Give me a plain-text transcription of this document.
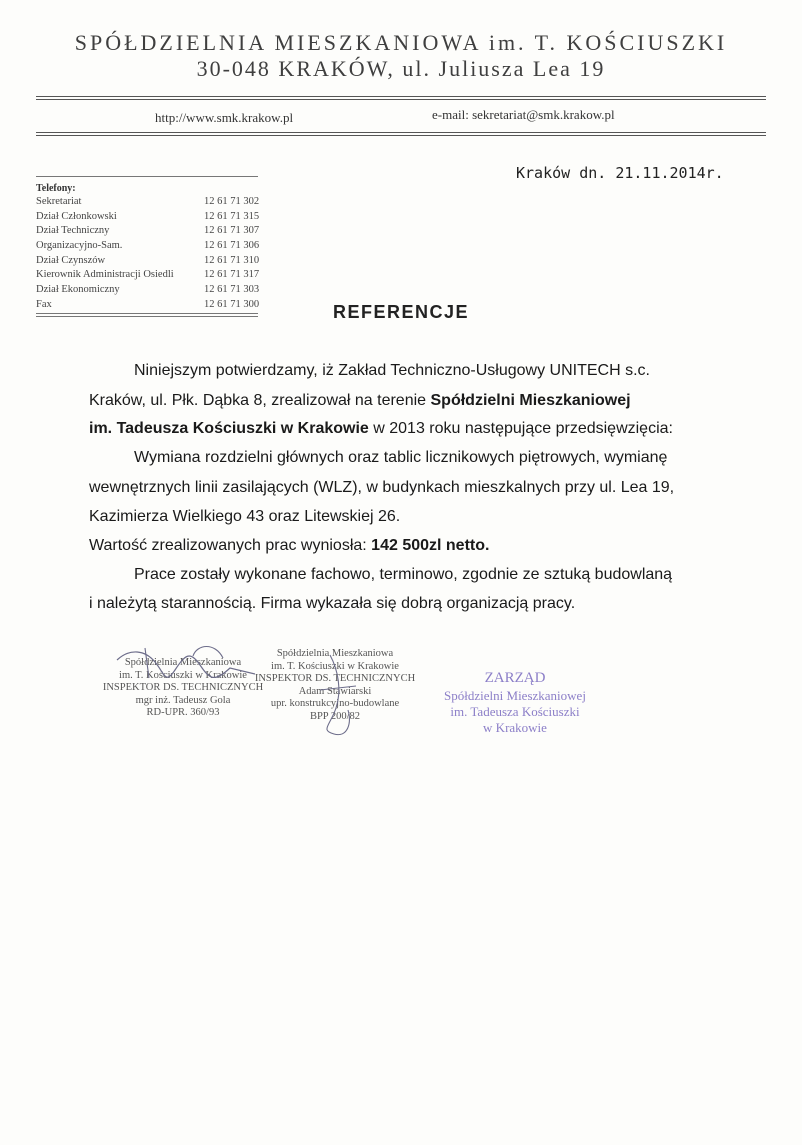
SPÓŁDZIELNIA MIESZKANIOWA im. T. KOŚCIUSZKI
30-048 KRAKÓW, ul. Juliusza Lea 19
http://www.smk.krakow.pl	e-mail: sekretariat@smk.krakow.pl
Kraków dn. 21.11.2014r.
Telefony:
Sekretariat	12 61 71 302
Dział Członkowski	12 61 71 315
Dział Techniczny	12 61 71 307
Organizacyjno-Sam.	12 61 71 306
Dział Czynszów	12 61 71 310
Kierownik Administracji Osiedli	12 61 71 317
Dział Ekonomiczny	12 61 71 303
Fax	12 61 71 300	REFERENCJE
Niniejszym potwierdzamy, iż Zakład Techniczno-Usługowy UNITECH s.c.
Kraków, ul. Płk. Dąbka 8, zrealizował na terenie Spółdzielni Mieszkaniowej
im. Tadeusza Kościuszki w Krakowie w 2013 roku następujące przedsięwzięcia:
Wymiana rozdzielni głównych oraz tablic licznikowych piętrowych, wymianę
wewnętrznych linii zasilających (WLZ), w budynkach mieszkalnych przy ul. Lea 19,
Kazimierza Wielkiego 43 oraz Litewskiej 26.
Wartość zrealizowanych prac wyniosła: 142 500zl netto.
Prace zostały wykonane fachowo, terminowo, zgodnie ze sztuką budowlaną
i należytą starannością. Firma wykazała się dobrą organizacją pracy.
Spółdzielnia Mieszkaniowa
im. T. Kościuszki w Krakowie
INSPEKTOR DS. TECHNICZNYCH
mgr inż. Tadeusz Gola
RD-UPR. 360/93
Spółdzielnia Mieszkaniowa
im. T. Kościuszki w Krakowie
INSPEKTOR DS. TECHNICZNYCH
Adam Stawiarski
upr. konstrukcyjno-budowlane
BPP 200/82
ZARZĄD
Spółdzielni Mieszkaniowej
im. Tadeusza Kościuszki
w Krakowie
